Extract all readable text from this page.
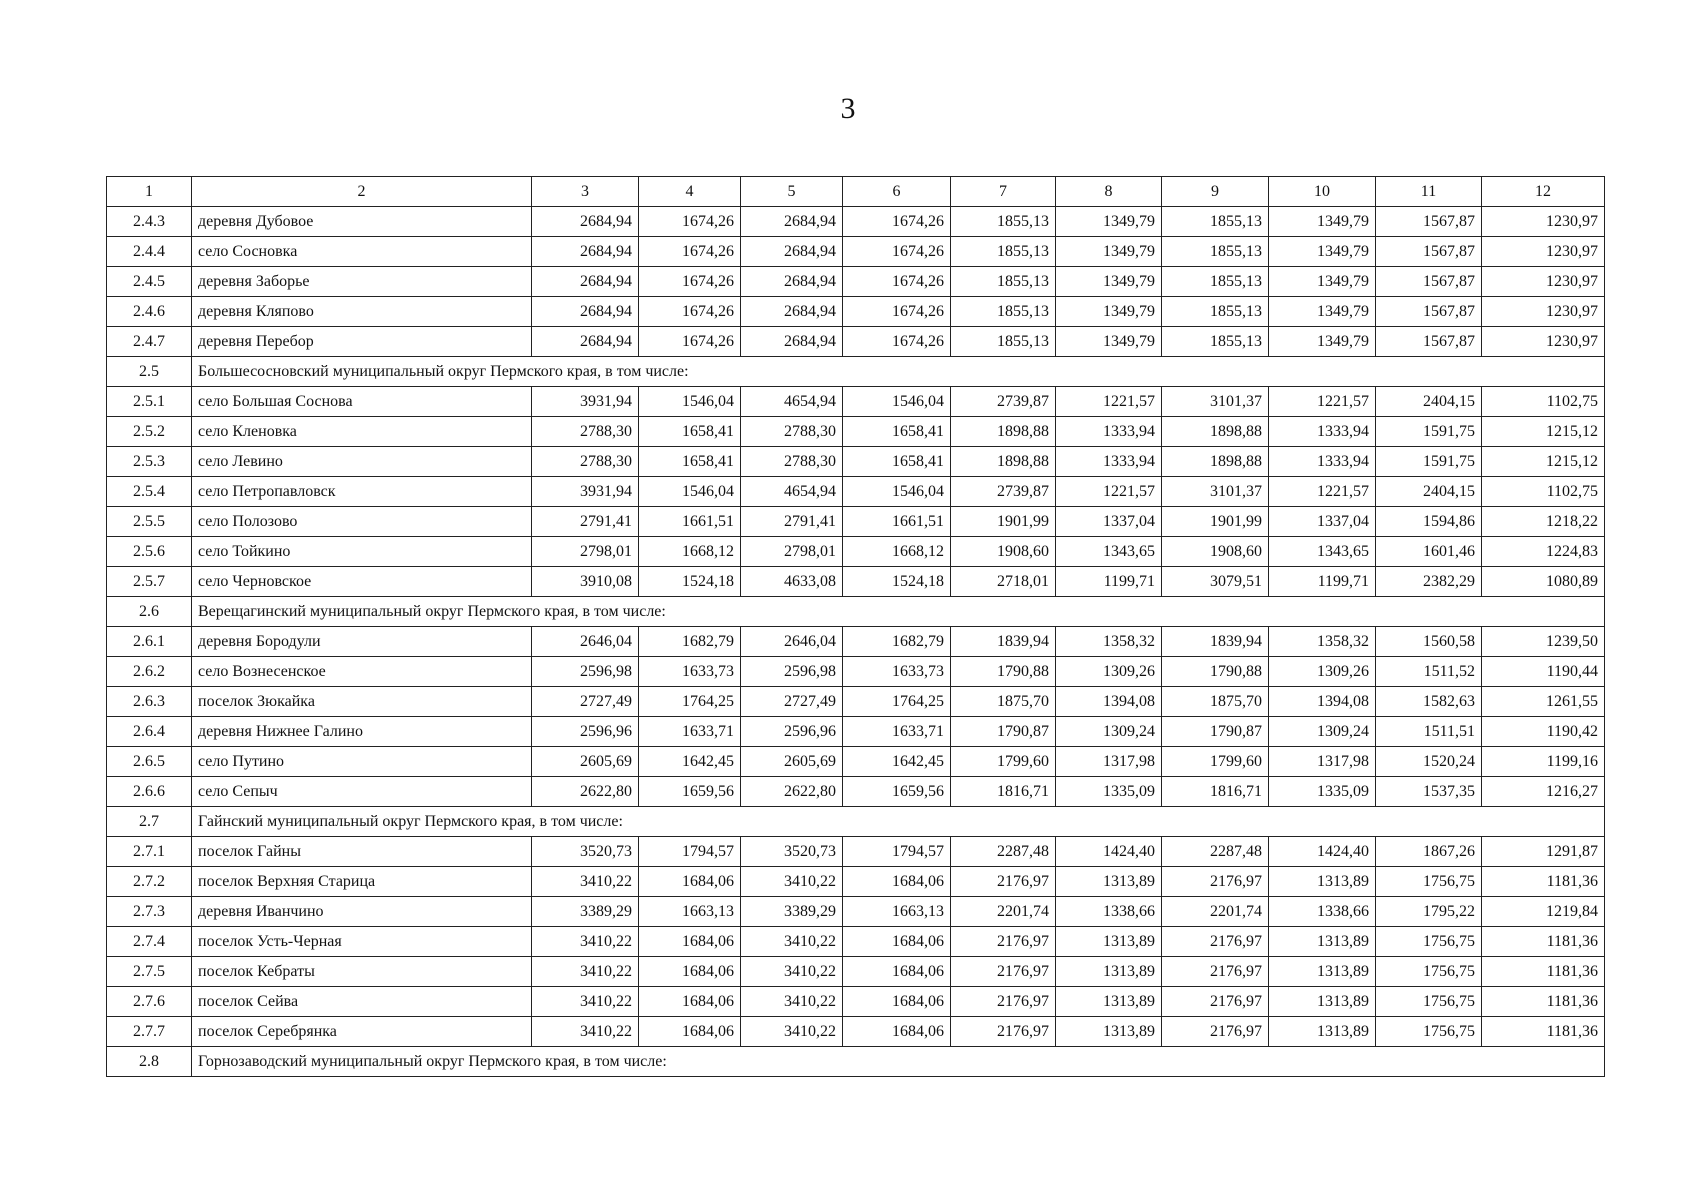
3
1	2	3	4	5	6	7	8	9	10	11	12
2.4.3	деревня Дубовое	2684,94	1674,26	2684,94	1674,26	1855,13	1349,79	1855,13	1349,79	1567,87	1230,97
2.4.4	село Сосновка	2684,94	1674,26	2684,94	1674,26	1855,13	1349,79	1855,13	1349,79	1567,87	1230,97
2.4.5	деревня Заборье	2684,94	1674,26	2684,94	1674,26	1855,13	1349,79	1855,13	1349,79	1567,87	1230,97
2.4.6	деревня Кляпово	2684,94	1674,26	2684,94	1674,26	1855,13	1349,79	1855,13	1349,79	1567,87	1230,97
2.4.7	деревня Перебор	2684,94	1674,26	2684,94	1674,26	1855,13	1349,79	1855,13	1349,79	1567,87	1230,97
2.5	Большесосновский муниципальный округ Пермского края, в том числе:										
2.5.1	село Большая Соснова	3931,94	1546,04	4654,94	1546,04	2739,87	1221,57	3101,37	1221,57	2404,15	1102,75
2.5.2	село Кленовка	2788,30	1658,41	2788,30	1658,41	1898,88	1333,94	1898,88	1333,94	1591,75	1215,12
2.5.3	село Левино	2788,30	1658,41	2788,30	1658,41	1898,88	1333,94	1898,88	1333,94	1591,75	1215,12
2.5.4	село Петропавловск	3931,94	1546,04	4654,94	1546,04	2739,87	1221,57	3101,37	1221,57	2404,15	1102,75
2.5.5	село Полозово	2791,41	1661,51	2791,41	1661,51	1901,99	1337,04	1901,99	1337,04	1594,86	1218,22
2.5.6	село Тойкино	2798,01	1668,12	2798,01	1668,12	1908,60	1343,65	1908,60	1343,65	1601,46	1224,83
2.5.7	село Черновское	3910,08	1524,18	4633,08	1524,18	2718,01	1199,71	3079,51	1199,71	2382,29	1080,89
2.6	Верещагинский муниципальный округ Пермского края, в том числе:										
2.6.1	деревня Бородули	2646,04	1682,79	2646,04	1682,79	1839,94	1358,32	1839,94	1358,32	1560,58	1239,50
2.6.2	село Вознесенское	2596,98	1633,73	2596,98	1633,73	1790,88	1309,26	1790,88	1309,26	1511,52	1190,44
2.6.3	поселок Зюкайка	2727,49	1764,25	2727,49	1764,25	1875,70	1394,08	1875,70	1394,08	1582,63	1261,55
2.6.4	деревня Нижнее Галино	2596,96	1633,71	2596,96	1633,71	1790,87	1309,24	1790,87	1309,24	1511,51	1190,42
2.6.5	село Путино	2605,69	1642,45	2605,69	1642,45	1799,60	1317,98	1799,60	1317,98	1520,24	1199,16
2.6.6	село Сепыч	2622,80	1659,56	2622,80	1659,56	1816,71	1335,09	1816,71	1335,09	1537,35	1216,27
2.7	Гайнский муниципальный округ Пермского края, в том числе:										
2.7.1	поселок Гайны	3520,73	1794,57	3520,73	1794,57	2287,48	1424,40	2287,48	1424,40	1867,26	1291,87
2.7.2	поселок Верхняя Старица	3410,22	1684,06	3410,22	1684,06	2176,97	1313,89	2176,97	1313,89	1756,75	1181,36
2.7.3	деревня Иванчино	3389,29	1663,13	3389,29	1663,13	2201,74	1338,66	2201,74	1338,66	1795,22	1219,84
2.7.4	поселок Усть-Черная	3410,22	1684,06	3410,22	1684,06	2176,97	1313,89	2176,97	1313,89	1756,75	1181,36
2.7.5	поселок Кебраты	3410,22	1684,06	3410,22	1684,06	2176,97	1313,89	2176,97	1313,89	1756,75	1181,36
2.7.6	поселок Сейва	3410,22	1684,06	3410,22	1684,06	2176,97	1313,89	2176,97	1313,89	1756,75	1181,36
2.7.7	поселок Серебрянка	3410,22	1684,06	3410,22	1684,06	2176,97	1313,89	2176,97	1313,89	1756,75	1181,36
2.8	Горнозаводский муниципальный округ Пермского края, в том числе:										
